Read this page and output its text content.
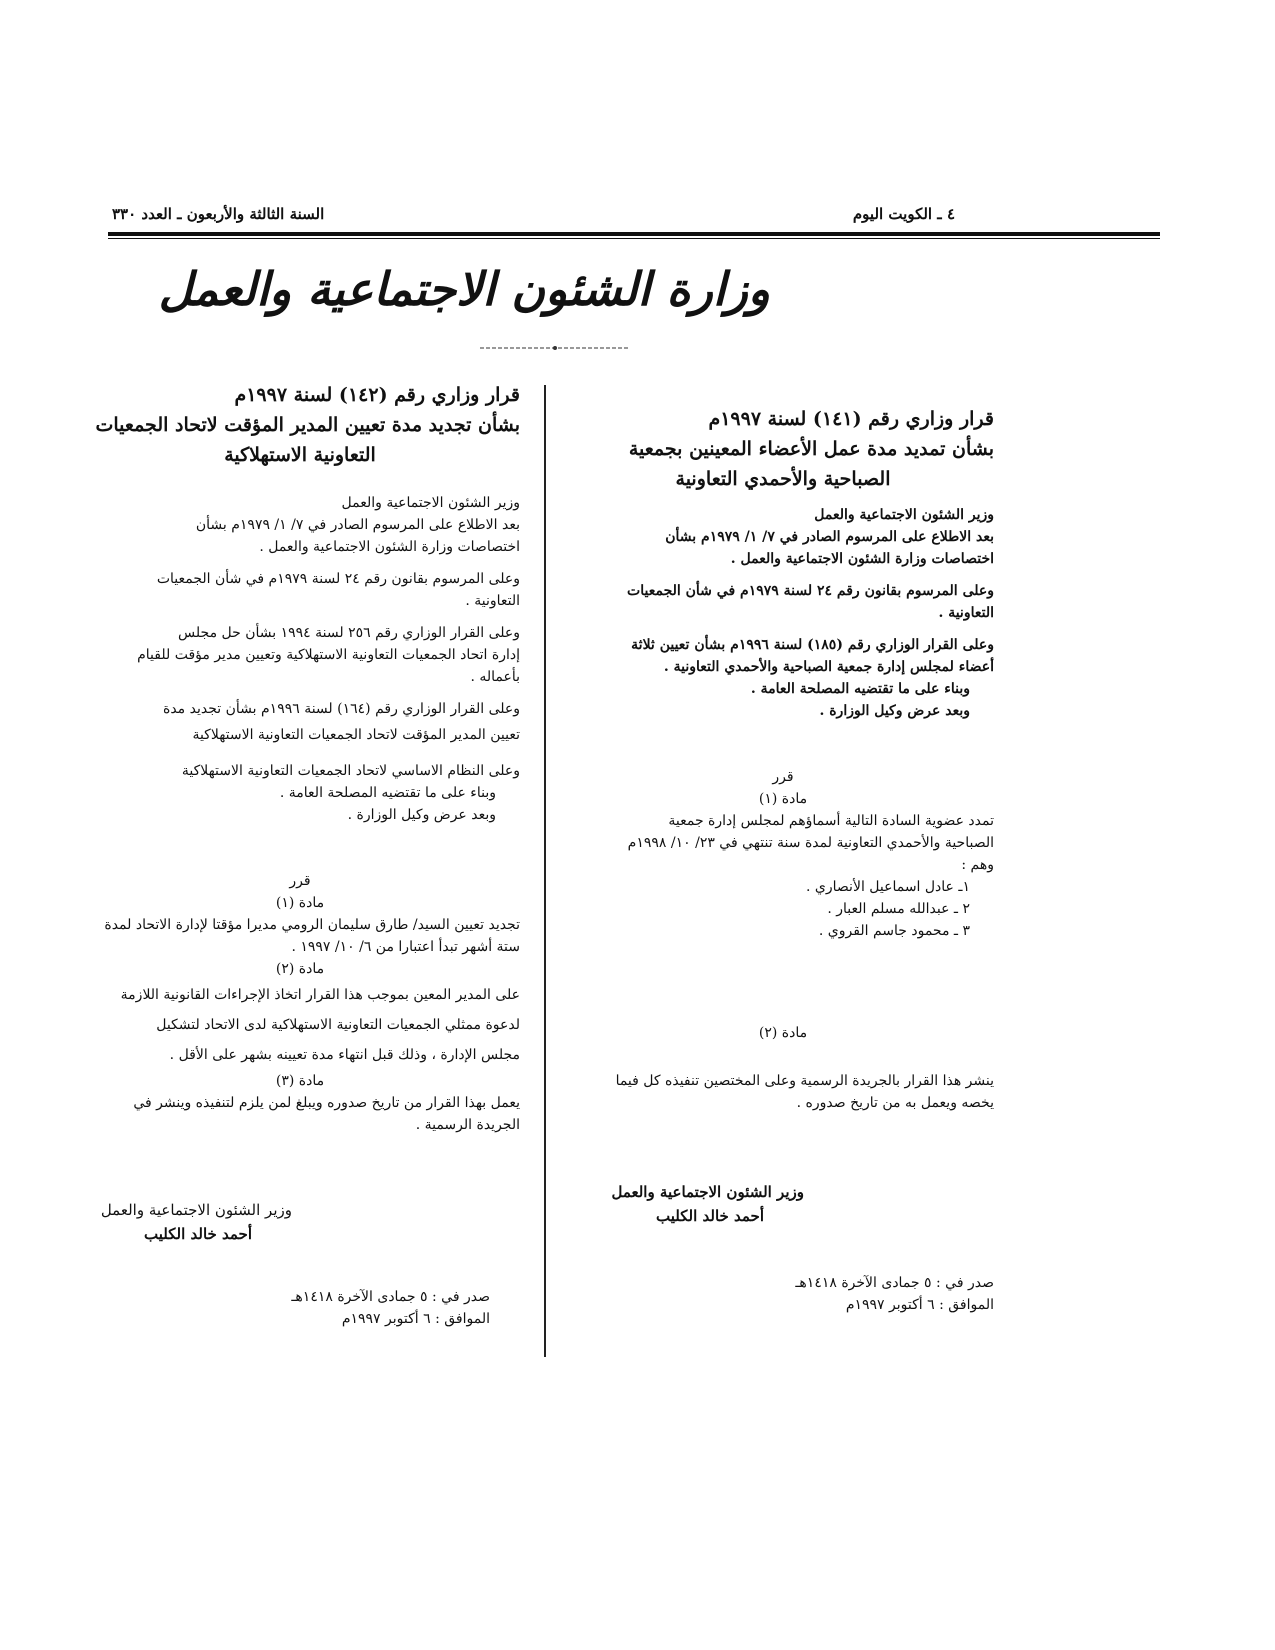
٤ ـ الكويت اليوم
السنة الثالثة والأربعون ـ العدد ٣٣٠
وزارة الشئون الاجتماعية والعمل

قرار وزاري رقم (١٤١) لسنة ١٩٩٧م

بشأن تمديد مدة عمل الأعضاء المعينين بجمعية

الصباحية والأحمدي التعاونية

وزير الشئون الاجتماعية والعمل

بعد الاطلاع على المرسوم الصادر في ٧/ ١/ ١٩٧٩م بشأن

اختصاصات وزارة الشئون الاجتماعية والعمل .

وعلى المرسوم بقانون رقم ٢٤ لسنة ١٩٧٩م في شأن الجمعيات

التعاونية .

وعلى القرار الوزاري رقم (١٨٥) لسنة ١٩٩٦م بشأن تعيين ثلاثة

أعضاء لمجلس إدارة جمعية الصباحية والأحمدي التعاونية .

وبناء على ما تقتضيه المصلحة العامة .

وبعد عرض وكيل الوزارة .

قرر

مادة (١)

تمدد عضوية السادة التالية أسماؤهم لمجلس إدارة جمعية

الصباحية والأحمدي التعاونية لمدة سنة تنتهي في ٢٣/ ١٠/ ١٩٩٨م

وهم :

١ـ عادل اسماعيل الأنصاري .

٢ ـ عبدالله مسلم العبار .

٣ ـ محمود جاسم القروي .

مادة (٢)

ينشر هذا القرار بالجريدة الرسمية وعلى المختصين تنفيذه كل فيما

يخصه ويعمل به من تاريخ صدوره .

وزير الشئون الاجتماعية والعمل

أحمد خالد الكليب

صدر في : ٥ جمادى الآخرة ١٤١٨هـ

الموافق : ٦ أكتوبر ١٩٩٧م

قرار وزاري رقم (١٤٢) لسنة ١٩٩٧م

بشأن تجديد مدة تعيين المدير المؤقت لاتحاد الجمعيات

التعاونية الاستهلاكية

وزير الشئون الاجتماعية والعمل

بعد الاطلاع على المرسوم الصادر في ٧/ ١/ ١٩٧٩م بشأن

اختصاصات وزارة الشئون الاجتماعية والعمل .

وعلى المرسوم بقانون رقم ٢٤ لسنة ١٩٧٩م في شأن الجمعيات

التعاونية .

وعلى القرار الوزاري رقم ٢٥٦ لسنة ١٩٩٤ بشأن حل مجلس

إدارة اتحاد الجمعيات التعاونية الاستهلاكية وتعيين مدير مؤقت للقيام

بأعماله .

وعلى القرار الوزاري رقم (١٦٤) لسنة ١٩٩٦م بشأن تجديد مدة

تعيين المدير المؤقت لاتحاد الجمعيات التعاونية الاستهلاكية

وعلى النظام الاساسي لاتحاد الجمعيات التعاونية الاستهلاكية

وبناء على ما تقتضيه المصلحة العامة .

وبعد عرض وكيل الوزارة .

قرر

مادة (١)

تجديد تعيين السيد/ طارق سليمان الرومي مديرا مؤقتا لإدارة الاتحاد لمدة

ستة أشهر تبدأ اعتبارا من ٦/ ١٠/ ١٩٩٧ .

مادة (٢)

على المدير المعين بموجب هذا القرار اتخاذ الإجراءات القانونية اللازمة

لدعوة ممثلي الجمعيات التعاونية الاستهلاكية لدى الاتحاد لتشكيل

مجلس الإدارة ، وذلك قبل انتهاء مدة تعيينه بشهر على الأقل .

مادة (٣)

يعمل بهذا القرار من تاريخ صدوره ويبلغ لمن يلزم لتنفيذه وينشر في

الجريدة الرسمية .

وزير الشئون الاجتماعية والعمل

أحمد خالد الكليب

صدر في : ٥ جمادى الآخرة ١٤١٨هـ

الموافق : ٦ أكتوبر ١٩٩٧م
